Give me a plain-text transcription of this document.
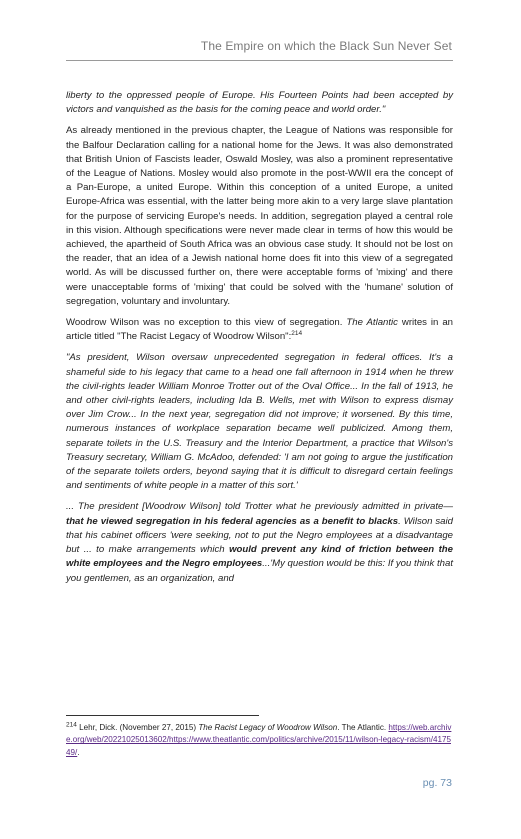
The Empire on which the Black Sun Never Set

liberty to the oppressed people of Europe. His Fourteen Points had been accepted by victors and vanquished as the basis for the coming peace and world order."

As already mentioned in the previous chapter, the League of Nations was responsible for the Balfour Declaration calling for a national home for the Jews. It was also demonstrated that British Union of Fascists leader, Oswald Mosley, was also a prominent representative of the League of Nations. Mosley would also promote in the post-WWII era the concept of a Pan-Europe, a united Europe. Within this conception of a united Europe, a united Europe-Africa was essential, with the latter being more akin to a very large slave plantation for the purpose of servicing Europe's needs. In addition, segregation played a central role in this vision. Although specifications were never made clear in terms of how this would be achieved, the apartheid of South Africa was an obvious case study. It should not be lost on the reader, that an idea of a Jewish national home does fit into this view of a segregated world. As will be discussed further on, there were acceptable forms of 'mixing' and there were unacceptable forms of 'mixing' that could be solved with the 'humane' solution of segregation, voluntary and involuntary.

Woodrow Wilson was no exception to this view of segregation. The Atlantic writes in an article titled "The Racist Legacy of Woodrow Wilson":$^{214}$

"As president, Wilson oversaw unprecedented segregation in federal offices. It's a shameful side to his legacy that came to a head one fall afternoon in 1914 when he threw the civil-rights leader William Monroe Trotter out of the Oval Office... In the fall of 1913, he and other civil-rights leaders, including Ida B. Wells, met with Wilson to express dismay over Jim Crow... In the next year, segregation did not improve; it worsened. By this time, numerous instances of workplace separation became well publicized. Among them, separate toilets in the U.S. Treasury and the Interior Department, a practice that Wilson's Treasury secretary, William G. McAdoo, defended: 'I am not going to argue the justification of the separate toilets orders, beyond saying that it is difficult to disregard certain feelings and sentiments of white people in a matter of this sort.'

... The president [Woodrow Wilson] told Trotter what he previously admitted in private—that he viewed segregation in his federal agencies as a benefit to blacks. Wilson said that his cabinet officers 'were seeking, not to put the Negro employees at a disadvantage but ... to make arrangements which would prevent any kind of friction between the white employees and the Negro employees...'My question would be this: If you think that you gentlemen, as an organization, and

$^{214}$ Lehr, Dick. (November 27, 2015) The Racist Legacy of Woodrow Wilson. The Atlantic. https://web.archive.org/web/20221025013602/https://www.theatlantic.com/politics/archive/2015/11/wilson-legacy-racism/417549/.
pg. 73
